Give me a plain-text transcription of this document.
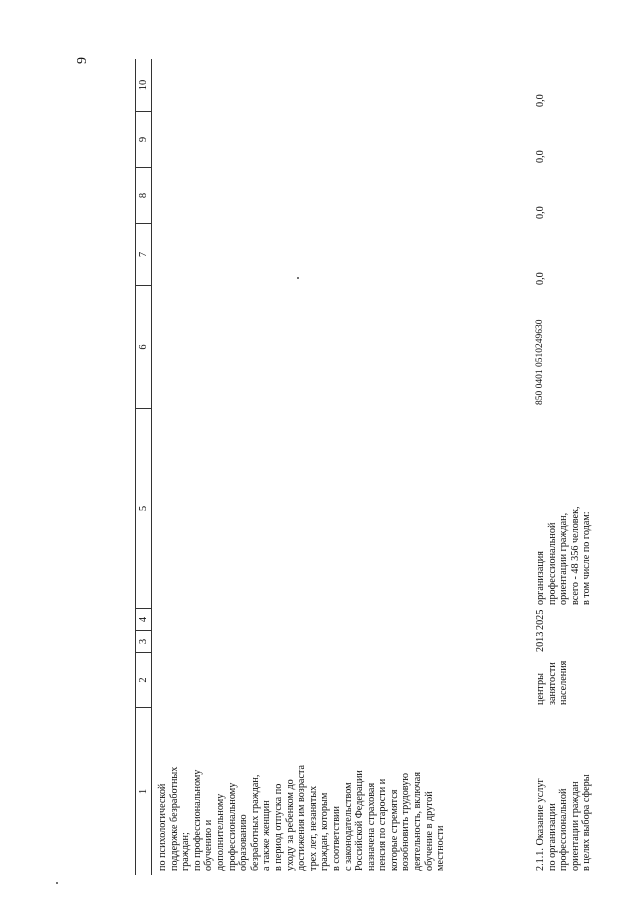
9
1
2
3
4
5
6
7
8
9
10
по психологической поддержке безработных граждан; по профессиональному обучению и дополнительному профессиональному образованию безработных граждан, а также женщин в период отпуска по уходу за ребенком до достижения им возраста трех лет, незанятых граждан, которым в соответствии с законодательством Российской Федерации назначена страховая пенсия по старости и которые стремятся возобновить трудовую деятельность, включая обучение в другой местности	2.1.1. Оказание услуг по организации профессиональной ориентации граждан в целях выбора сферы
центры занятости населения
2013
2025
организация профессиональной ориентации граждан, всего - 48 356 человек, в том числе по годам:
850 0401 0510249630
0,0
0,0
0,0
0,0
